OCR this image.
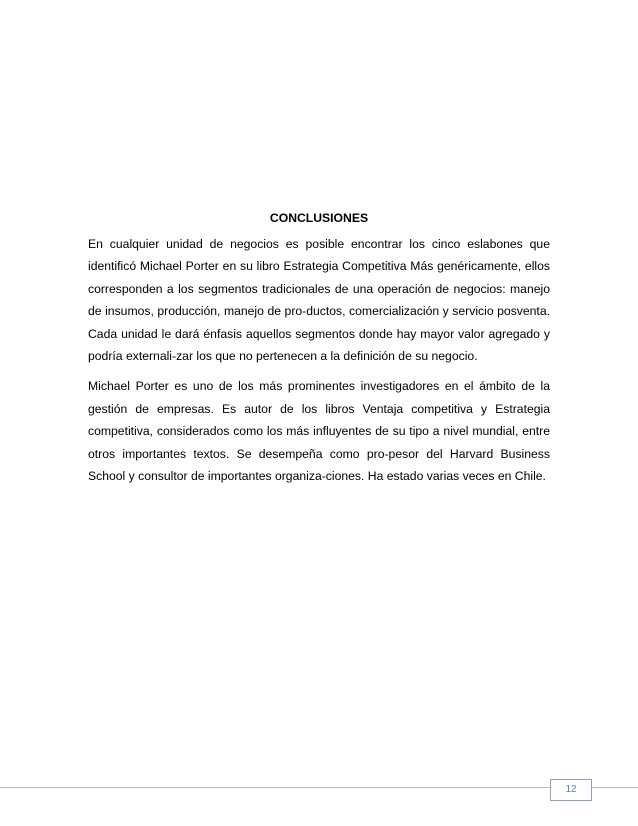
CONCLUSIONES

En cualquier unidad de negocios es posible encontrar los cinco eslabones que identificó Michael Porter en su libro Estrategia Competitiva Más genéricamente, ellos corresponden a los segmentos tradicionales de una operación de negocios: manejo de insumos, producción, manejo de pro-ductos, comercialización y servicio posventa. Cada unidad le dará énfasis aquellos segmentos donde hay mayor valor agregado y podría externali-zar los que no pertenecen a la definición de su negocio.

Michael Porter es uno de los más prominentes investigadores en el ámbito de la gestión de empresas. Es autor de los libros Ventaja competitiva y Estrategia competitiva, considerados como los más influyentes de su tipo a nivel mundial, entre otros importantes textos. Se desempeña como pro-pesor del Harvard Business School y consultor de importantes organiza-ciones. Ha estado varias veces en Chile.

12
